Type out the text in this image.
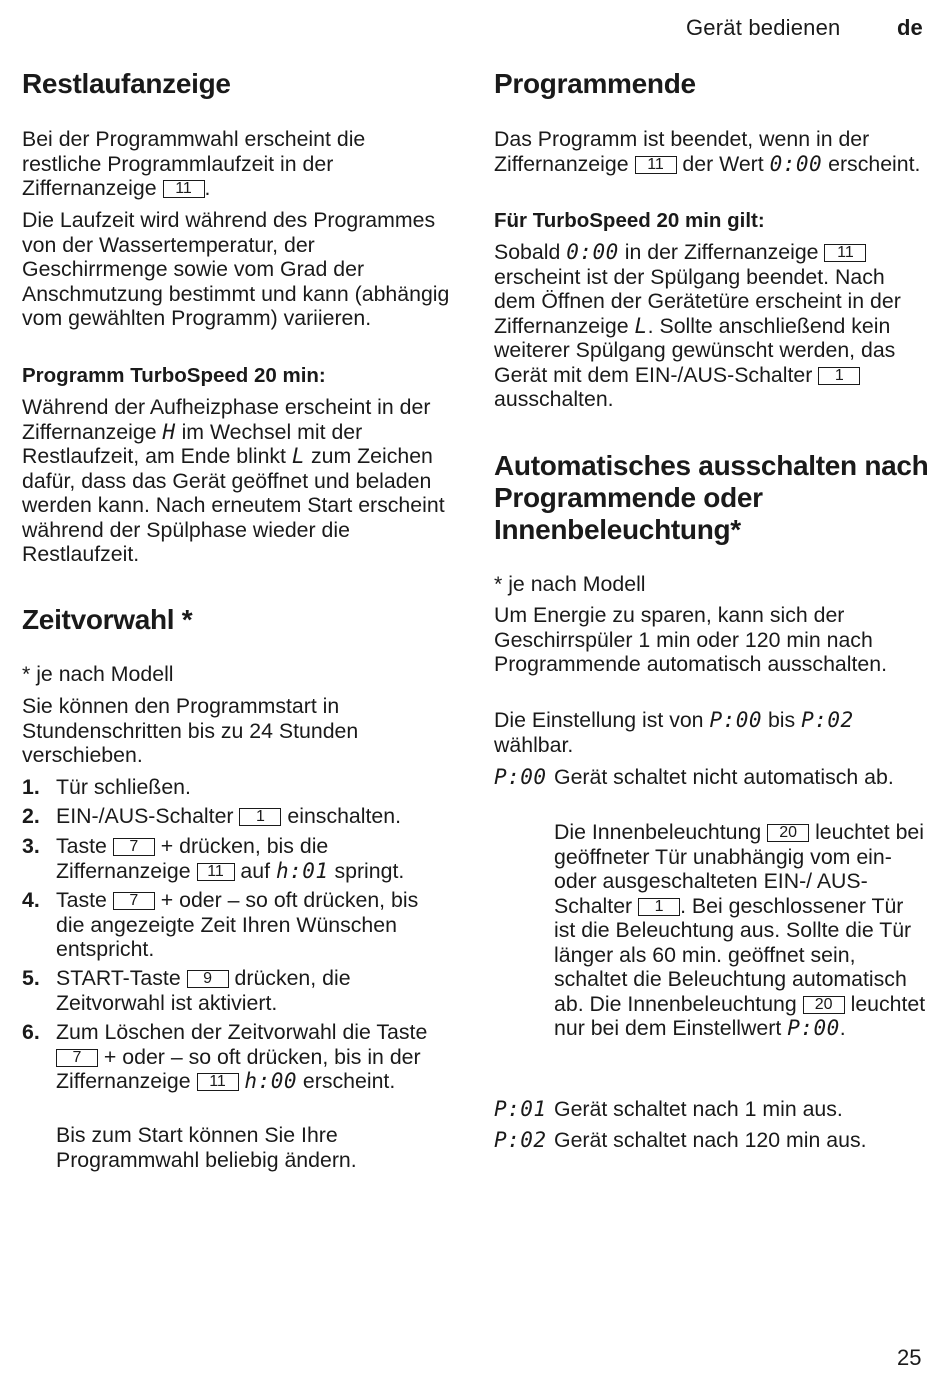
Gerät bedienen	de
Restlaufanzeige

Bei der Programmwahl erscheint die restliche Programmlaufzeit in der Ziffernanzeige 11 .

Die Laufzeit wird während des Programmes von der Wassertemperatur, der Geschirrmenge sowie vom Grad der Anschmutzung bestimmt und kann (abhängig vom gewählten Programm) variieren.

Programm TurboSpeed 20 min:

Während der Aufheizphase erscheint in der Ziffernanzeige H im Wechsel mit der Restlaufzeit, am Ende blinkt L zum Zeichen dafür, dass das Gerät geöffnet und beladen werden kann. Nach erneutem Start erscheint während der Spülphase wieder die Restlaufzeit.

Zeitvorwahl *

* je nach Modell

Sie können den Programmstart in Stundenschritten bis zu 24 Stunden verschieben.

1. Tür schließen.
2. EIN-/AUS-Schalter 1 einschalten.
3. Taste 7 + drücken, bis die Ziffernanzeige 11 auf h:01 springt.
4. Taste 7 + oder – so oft drücken, bis die angezeigte Zeit Ihren Wünschen entspricht.
5. START-Taste 9 drücken, die Zeitvorwahl ist aktiviert.
6. Zum Löschen der Zeitvorwahl die Taste 7 + oder – so oft drücken, bis in der Ziffernanzeige 11 h:00 erscheint.

Bis zum Start können Sie Ihre Programmwahl beliebig ändern.

Programmende

Das Programm ist beendet, wenn in der Ziffernanzeige 11 der Wert 0:00 erscheint.

Für TurboSpeed 20 min gilt:

Sobald 0:00 in der Ziffernanzeige 11 erscheint ist der Spülgang beendet. Nach dem Öffnen der Gerätetüre erscheint in der Ziffernanzeige L. Sollte anschließend kein weiterer Spülgang gewünscht werden, das Gerät mit dem EIN-/AUS-Schalter 1 ausschalten.

Automatisches ausschalten nach Programmende oder Innenbeleuchtung*

* je nach Modell

Um Energie zu sparen, kann sich der Geschirrspüler 1 min oder 120 min nach Programmende automatisch ausschalten.

Die Einstellung ist von P:00 bis P:02 wählbar.

P:00 Gerät schaltet nicht automatisch ab.
Die Innenbeleuchtung 20 leuchtet bei geöffneter Tür unabhängig vom ein- oder ausgeschalteten EIN-/ AUS-Schalter 1 . Bei geschlossener Tür ist die Beleuchtung aus. Sollte die Tür länger als 60 min. geöffnet sein, schaltet die Beleuchtung automatisch ab. Die Innenbeleuchtung 20 leuchtet nur bei dem Einstellwert P:00.
P:01 Gerät schaltet nach 1 min aus.
P:02 Gerät schaltet nach 120 min aus.
25
